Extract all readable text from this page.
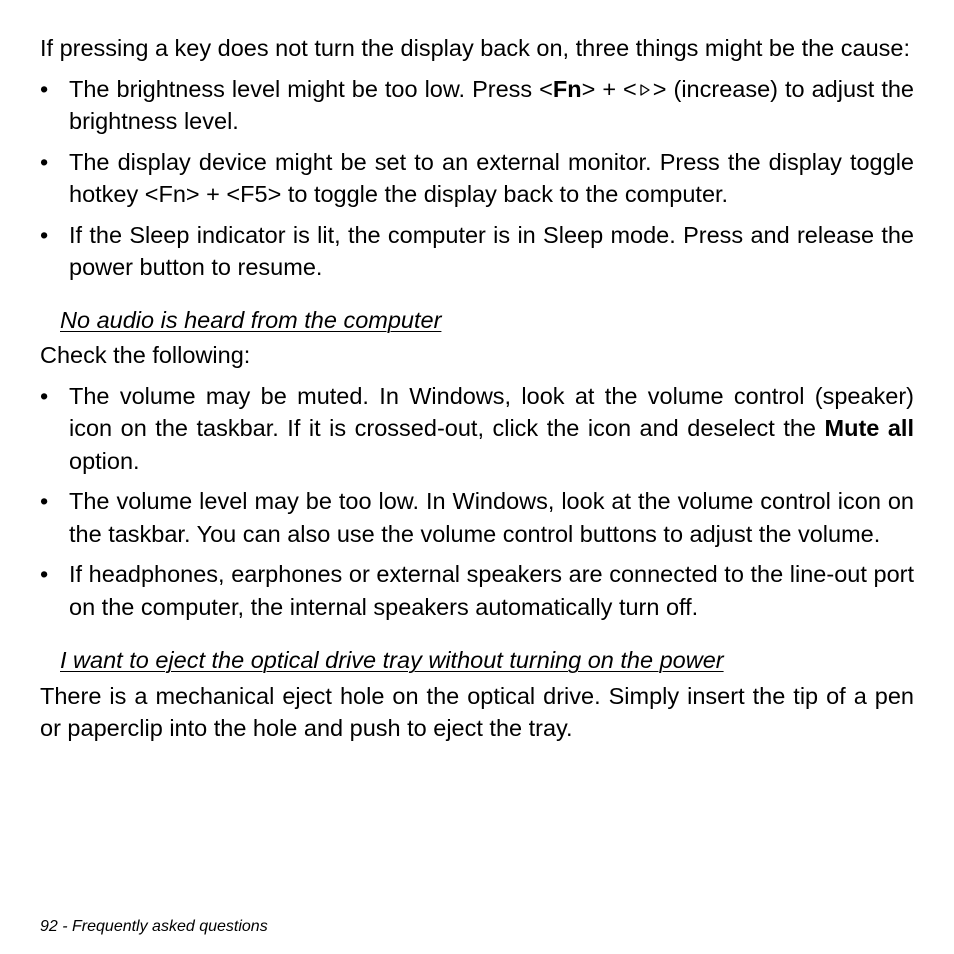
If pressing a key does not turn the display back on, three things might be the cause:

• The brightness level might be too low. Press <Fn> + < > (increase) to adjust the brightness level.
• The display device might be set to an external monitor. Press the display toggle hotkey <Fn> + <F5> to toggle the display back to the computer.
• If the Sleep indicator is lit, the computer is in Sleep mode. Press and release the power button to resume.

No audio is heard from the computer

Check the following:

• The volume may be muted. In Windows, look at the volume control (speaker) icon on the taskbar. If it is crossed-out, click the icon and deselect the Mute all option.
• The volume level may be too low. In Windows, look at the volume control icon on the taskbar. You can also use the volume control buttons to adjust the volume.
• If headphones, earphones or external speakers are connected to the line-out port on the computer, the internal speakers automatically turn off.

I want to eject the optical drive tray without turning on the power

There is a mechanical eject hole on the optical drive. Simply insert the tip of a pen or paperclip into the hole and push to eject the tray.

92 - Frequently asked questions
